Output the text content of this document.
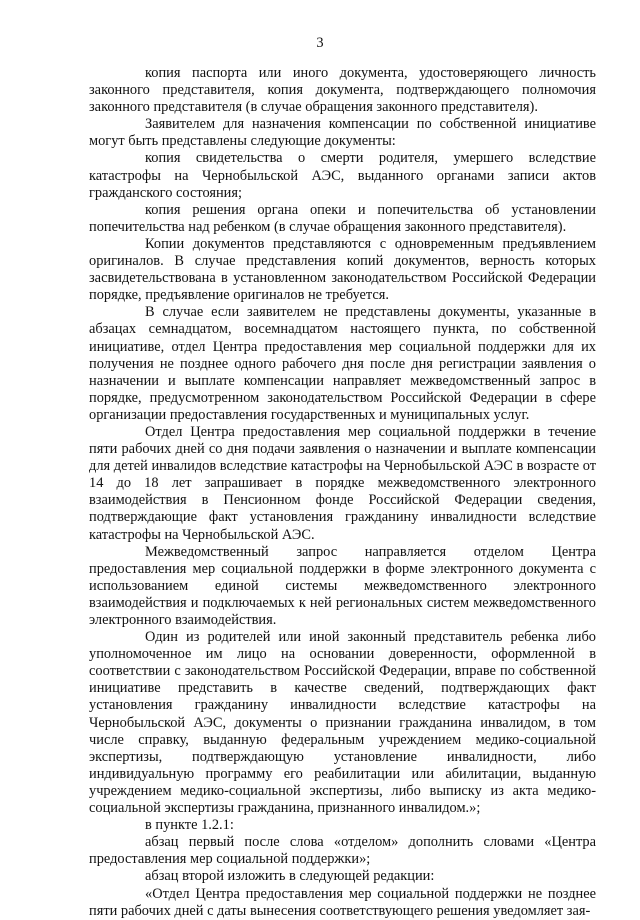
3

копия паспорта или иного документа, удостоверяющего личность законного представителя, копия документа, подтверждающего полномочия законного представителя (в случае обращения законного представителя).

Заявителем для назначения компенсации по собственной инициативе могут быть представлены следующие документы:

копия свидетельства о смерти родителя, умершего вследствие катастрофы на Чернобыльской АЭС, выданного органами записи актов гражданского состояния;

копия решения органа опеки и попечительства об установлении попечительства над ребенком (в случае обращения законного представителя).

Копии документов представляются с одновременным предъявлением оригиналов. В случае представления копий документов, верность которых засвидетельствована в установленном законодательством Российской Федерации порядке, предъявление оригиналов не требуется.

В случае если заявителем не представлены документы, указанные в абзацах семнадцатом, восемнадцатом настоящего пункта, по собственной инициативе, отдел Центра предоставления мер социальной поддержки для их получения не позднее одного рабочего дня после дня регистрации заявления о назначении и выплате компенсации направляет межведомственный запрос в порядке, предусмотренном законодательством Российской Федерации в сфере организации предоставления государственных и муниципальных услуг.

Отдел Центра предоставления мер социальной поддержки в течение пяти рабочих дней со дня подачи заявления о назначении и выплате компенсации для детей инвалидов вследствие катастрофы на Чернобыльской АЭС в возрасте от 14 до 18 лет запрашивает в порядке межведомственного электронного взаимодействия в Пенсионном фонде Российской Федерации сведения, подтверждающие факт установления гражданину инвалидности вследствие катастрофы на Чернобыльской АЭС.

Межведомственный запрос направляется отделом Центра предоставления мер социальной поддержки в форме электронного документа с использованием единой системы межведомственного электронного взаимодействия и подключаемых к ней региональных систем межведомственного электронного взаимодействия.

Один из родителей или иной законный представитель ребенка либо уполномоченное им лицо на основании доверенности, оформленной в соответствии с законодательством Российской Федерации, вправе по собственной инициативе представить в качестве сведений, подтверждающих факт установления гражданину инвалидности вследствие катастрофы на Чернобыльской АЭС, документы о признании гражданина инвалидом, в том числе справку, выданную федеральным учреждением медико-социальной экспертизы, подтверждающую установление инвалидности, либо индивидуальную программу его реабилитации или абилитации, выданную учреждением медико-социальной экспертизы, либо выписку из акта медико-социальной экспертизы гражданина, признанного инвалидом.»;

в пункте 1.2.1:

абзац первый после слова «отделом» дополнить словами «Центра предоставления мер социальной поддержки»;

абзац второй изложить в следующей редакции:

«Отдел Центра предоставления мер социальной поддержки не позднее пяти рабочих дней с даты вынесения соответствующего решения уведомляет зая-
